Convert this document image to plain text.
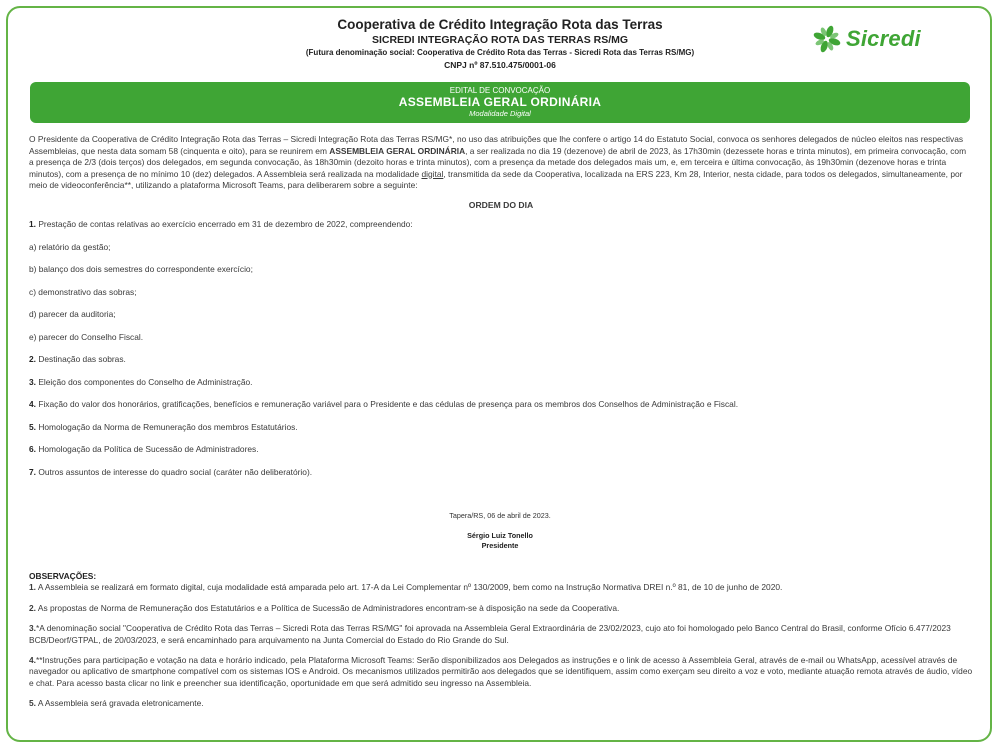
Cooperativa de Crédito Integração Rota das Terras
SICREDI INTEGRAÇÃO ROTA DAS TERRAS RS/MG
(Futura denominação social: Cooperativa de Crédito Rota das Terras - Sicredi Rota das Terras RS/MG)
CNPJ nº 87.510.475/0001-06
Sicredi
EDITAL DE CONVOCAÇÃO
ASSEMBLEIA GERAL ORDINÁRIA
Modalidade Digital

O Presidente da Cooperativa de Crédito Integração Rota das Terras – Sicredi Integração Rota das Terras RS/MG*, no uso das atribuições que lhe confere o artigo 14 do Estatuto Social, convoca os senhores delegados de núcleo eleitos nas respectivas Assembleias, que nesta data somam 58 (cinquenta e oito), para se reunirem em ASSEMBLEIA GERAL ORDINÁRIA, a ser realizada no dia 19 (dezenove) de abril de 2023, às 17h30min (dezessete horas e trinta minutos), em primeira convocação, com a presença de 2/3 (dois terços) dos delegados, em segunda convocação, às 18h30min (dezoito horas e trinta minutos), com a presença da metade dos delegados mais um, e, em terceira e última convocação, às 19h30min (dezenove horas e trinta minutos), com a presença de no mínimo 10 (dez) delegados. A Assembleia será realizada na modalidade digital, transmitida da sede da Cooperativa, localizada na ERS 223, Km 28, Interior, nesta cidade, para todos os delegados, simultaneamente, por meio de videoconferência**, utilizando a plataforma Microsoft Teams, para deliberarem sobre a seguinte:

ORDEM DO DIA
1. Prestação de contas relativas ao exercício encerrado em 31 de dezembro de 2022, compreendendo:
a) relatório da gestão;
b) balanço dos dois semestres do correspondente exercício;
c) demonstrativo das sobras;
d) parecer da auditoria;
e) parecer do Conselho Fiscal.
2. Destinação das sobras.
3. Eleição dos componentes do Conselho de Administração.
4. Fixação do valor dos honorários, gratificações, benefícios e remuneração variável para o Presidente e das cédulas de presença para os membros dos Conselhos de Administração e Fiscal.
5. Homologação da Norma de Remuneração dos membros Estatutários.
6. Homologação da Política de Sucessão de Administradores.
7. Outros assuntos de interesse do quadro social (caráter não deliberatório).
Tapera/RS, 06 de abril de 2023.
Sérgio Luiz Tonello
Presidente
OBSERVAÇÕES:

1. A Assembleia se realizará em formato digital, cuja modalidade está amparada pelo art. 17-A da Lei Complementar nº 130/2009, bem como na Instrução Normativa DREI n.º 81, de 10 de junho de 2020.

2. As propostas de Norma de Remuneração dos Estatutários e a Política de Sucessão de Administradores encontram-se à disposição na sede da Cooperativa.

3.*A denominação social "Cooperativa de Crédito Rota das Terras – Sicredi Rota das Terras RS/MG" foi aprovada na Assembleia Geral Extraordinária de 23/02/2023, cujo ato foi homologado pelo Banco Central do Brasil, conforme Ofício 6.477/2023 BCB/Deorf/GTPAL, de 20/03/2023, e será encaminhado para arquivamento na Junta Comercial do Estado do Rio Grande do Sul.

4.**Instruções para participação e votação na data e horário indicado, pela Plataforma Microsoft Teams: Serão disponibilizados aos Delegados as instruções e o link de acesso à Assembleia Geral, através de e-mail ou WhatsApp, acessível através de navegador ou aplicativo de smartphone compatível com os sistemas IOS e Android. Os mecanismos utilizados permitirão aos delegados que se identifiquem, assim como exerçam seu direito a voz e voto, mediante atuação remota através de áudio, vídeo e chat. Para acesso basta clicar no link e preencher sua identificação, oportunidade em que será admitido seu ingresso na Assembleia.

5. A Assembleia será gravada eletronicamente.
